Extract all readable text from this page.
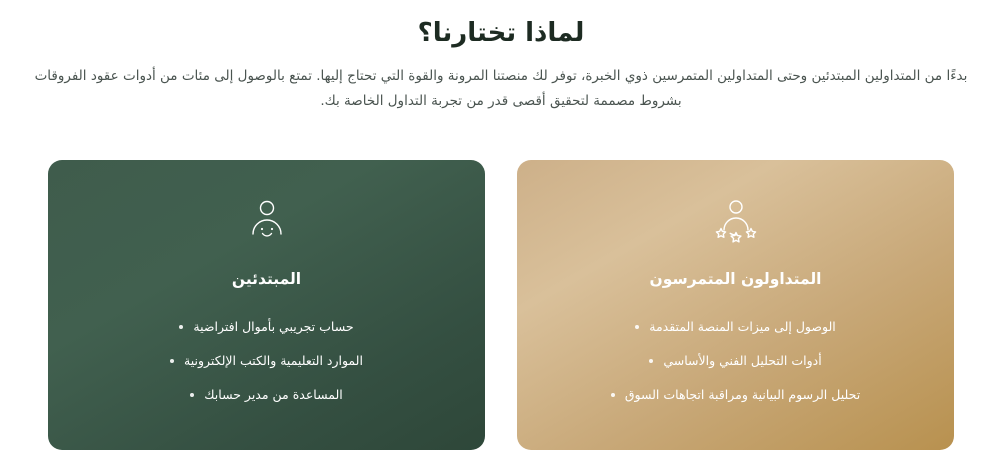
لماذا تختارنا؟

بدءًا من المتداولين المبتدئين وحتى المتداولين المتمرسين ذوي الخبرة، توفر لك منصتنا المرونة والقوة التي تحتاج إليها. تمتع بالوصول إلى مئات من أدوات عقود الفروقات بشروط مصممة لتحقيق أقصى قدر من تجربة التداول الخاصة بك.

المتداولون المتمرسون
الوصول إلى ميزات المنصة المتقدمة
أدوات التحليل الفني والأساسي
تحليل الرسوم البيانية ومراقبة اتجاهات السوق
المبتدئين
حساب تجريبي بأموال افتراضية
الموارد التعليمية والكتب الإلكترونية
المساعدة من مدير حسابك
